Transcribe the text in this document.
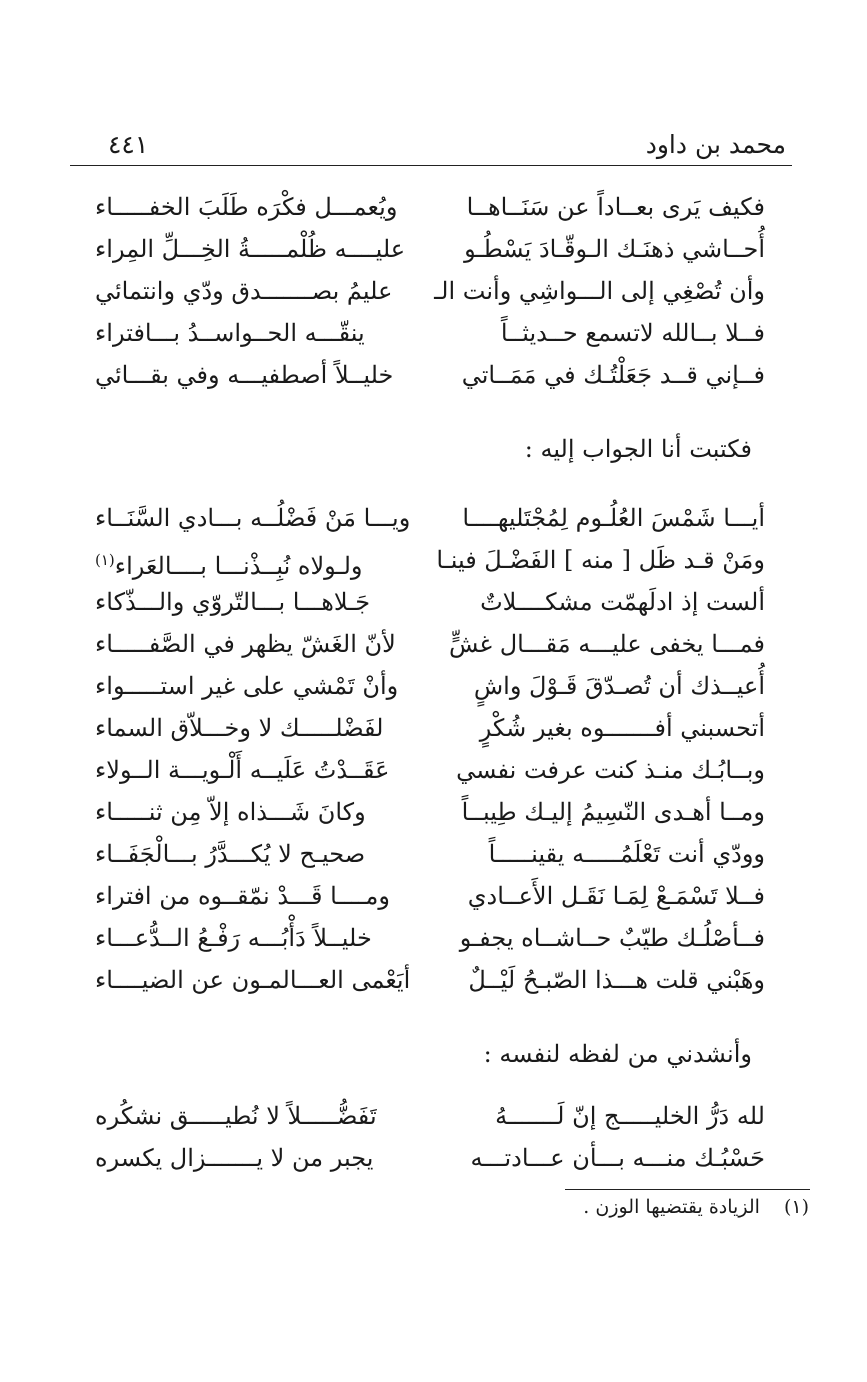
محمد بن داود
٤٤١
فكيف يَرى بعــاداً عن سَنَــاهــا
ويُعمـــل فكْرَه طَلَبَ الخفـــــاء
أُحــاشي ذهنَـك الـوقّـادَ يَسْطُـو
عليــــه ظُلْمـــــةُ الخِـــلِّ المِراء
وأن تُصْغِي إلى الـــواشِي وأنت الـ
عليمُ بصـــــــدق ودّي وانتمائي
فــلا بــالله لاتسمع حــديثــاً
ينقّـــه الحــواســدُ بـــافتراء
فــإني قــد جَعَلْتُـك في مَمَــاتي
خليــلاً أصطفيـــه وفي بقـــائي
فكتبت أنا الجواب إليه :
أيـــا شَمْسَ العُلُـوم لِمُجْتَليهــــا
ويـــا مَنْ فَضْلُــه بـــادي السَّنَــاء
ومَنْ قـد ظَل [ منه ] الفَضْـلَ فينـا
ولـولاه نُبِــذْنـــا بــــالعَراء$^{(١)}$
ألست إذ ادلَهمّت مشكــــلاتٌ
جَـلاهـــا بـــالتّروّي والـــذّكاء
فمـــا يخفى عليـــه مَقـــال غشٍّ
لأنّ الغَشّ يظهر في الصَّفـــــاء
أُعيــذك أن تُصـدّقَ قَـوْلَ واشٍ
وأنْ تَمْشي على غير استـــــواء
أتحسبني أفـــــــوه بغير شُكْرٍ
لفَضْلـــــك لا وخـــلاّق السماء
وبــابُـك منـذ كنت عرفت نفسي
عَقَــدْتُ عَلَيــه أَلْـويـــة الــولاء
ومــا أهـدى النّسِيمُ إليـك طِيبــاً
وكانَ شَـــذاه إلاّ مِن ثنـــــاء
وودّي أنت تَعْلَمُـــــه يقينـــــاً
صحيـح لا يُكـــدَّرُ بـــالْجَفَــاء
فــلا تَسْمَـعْ لِمَـا نَقَـل الأَعــادي
ومــــا قَـــدْ نمّقــوه من افتراء
فــأصْلُـك طيّبٌ حــاشــاه يجفـو
خليــلاً دَأْبُـــه رَفْـعُ الــدُّعـــاء
وهَبْني قلت هـــذا الصّبـحُ لَيْــلٌ
أيَعْمى العـــالمـون عن الضيــــاء
وأنشدني من لفظه لنفسه :
لله دَرُّ الخليـــــج إنّ لَـــــــهُ
تَفَضُّـــــلاً لا نُطيـــــق نشكُره
حَسْبُـك منـــه بـــأن عـــادتـــه
يجبر من لا يـــــــزال يكسره
(١) الزيادة يقتضيها الوزن .
